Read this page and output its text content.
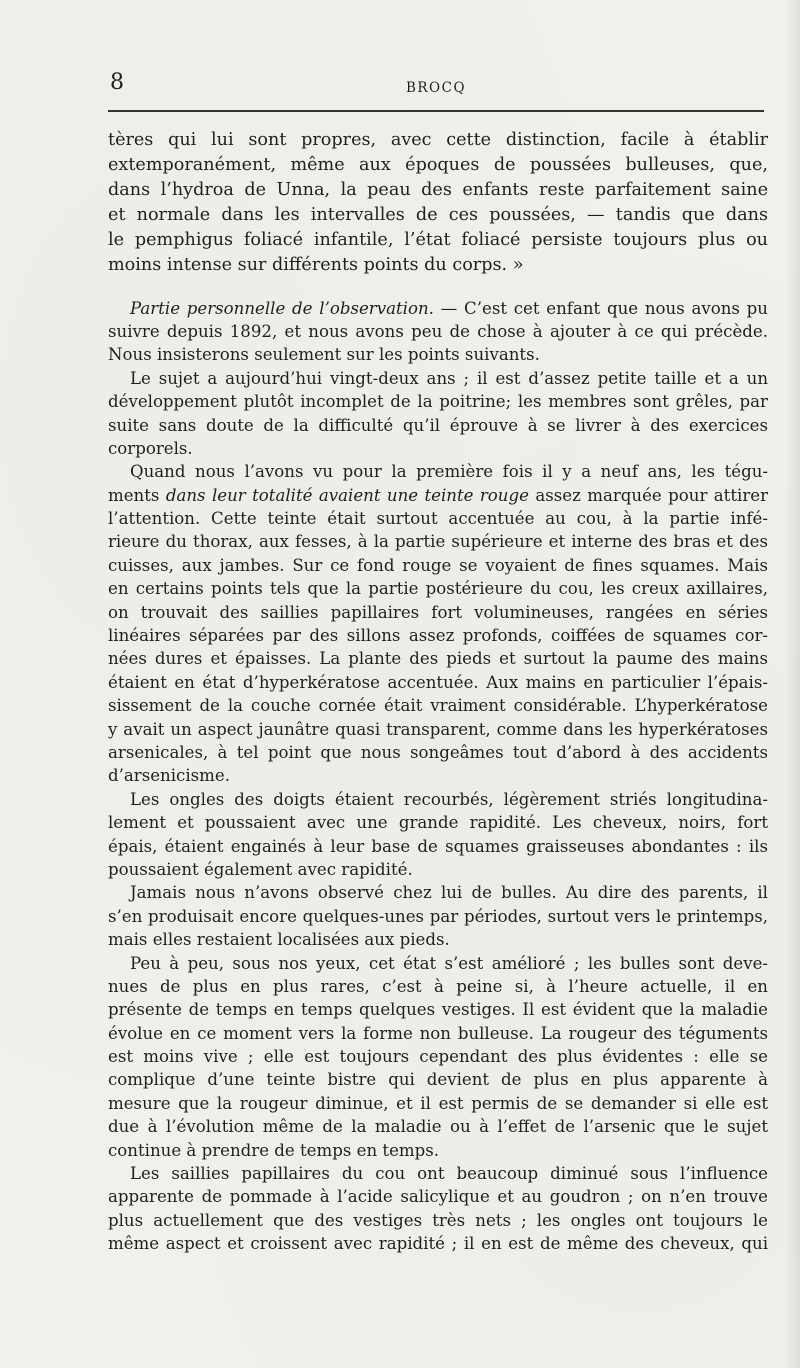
8	BROCQ
tères qui lui sont propres, avec cette distinction, facile à établir
extemporanément, même aux époques de poussées bulleuses, que,
dans l’hydroa de Unna, la peau des enfants reste parfaitement saine
et normale dans les intervalles de ces poussées, — tandis que dans
le pemphigus foliacé infantile, l’état foliacé persiste toujours plus ou
moins intense sur différents points du corps. »
Partie personnelle de l’observation. — C’est cet enfant que nous avons pu
suivre depuis 1892, et nous avons peu de chose à ajouter à ce qui précède.
Nous insisterons seulement sur les points suivants.
Le sujet a aujourd’hui vingt-deux ans ; il est d’assez petite taille et a un
développement plutôt incomplet de la poitrine; les membres sont grêles, par
suite sans doute de la difficulté qu’il éprouve à se livrer à des exercices
corporels.
Quand nous l’avons vu pour la première fois il y a neuf ans, les tégu-
ments dans leur totalité avaient une teinte rouge assez marquée pour attirer
l’attention. Cette teinte était surtout accentuée au cou, à la partie infé-
rieure du thorax, aux fesses, à la partie supérieure et interne des bras et des
cuisses, aux jambes. Sur ce fond rouge se voyaient de fines squames. Mais
en certains points tels que la partie postérieure du cou, les creux axillaires,
on trouvait des saillies papillaires fort volumineuses, rangées en séries
linéaires séparées par des sillons assez profonds, coiffées de squames cor-
nées dures et épaisses. La plante des pieds et surtout la paume des mains
étaient en état d’hyperkératose accentuée. Aux mains en particulier l’épais-
sissement de la couche cornée était vraiment considérable. L’hyperkératose
y avait un aspect jaunâtre quasi transparent, comme dans les hyperkératoses
arsenicales, à tel point que nous songeâmes tout d’abord à des accidents
d’arsenicisme.
Les ongles des doigts étaient recourbés, légèrement striés longitudina-
lement et poussaient avec une grande rapidité. Les cheveux, noirs, fort
épais, étaient engainés à leur base de squames graisseuses abondantes : ils
poussaient également avec rapidité.
Jamais nous n’avons observé chez lui de bulles. Au dire des parents, il
s’en produisait encore quelques-unes par périodes, surtout vers le printemps,
mais elles restaient localisées aux pieds.
Peu à peu, sous nos yeux, cet état s’est amélioré ; les bulles sont deve-
nues de plus en plus rares, c’est à peine si, à l’heure actuelle, il en
présente de temps en temps quelques vestiges. Il est évident que la maladie
évolue en ce moment vers la forme non bulleuse. La rougeur des téguments
est moins vive ; elle est toujours cependant des plus évidentes : elle se
complique d’une teinte bistre qui devient de plus en plus apparente à
mesure que la rougeur diminue, et il est permis de se demander si elle est
due à l’évolution même de la maladie ou à l’effet de l’arsenic que le sujet
continue à prendre de temps en temps.
Les saillies papillaires du cou ont beaucoup diminué sous l’influence
apparente de pommade à l’acide salicylique et au goudron ; on n’en trouve
plus actuellement que des vestiges très nets ; les ongles ont toujours le
même aspect et croissent avec rapidité ; il en est de même des cheveux, qui
